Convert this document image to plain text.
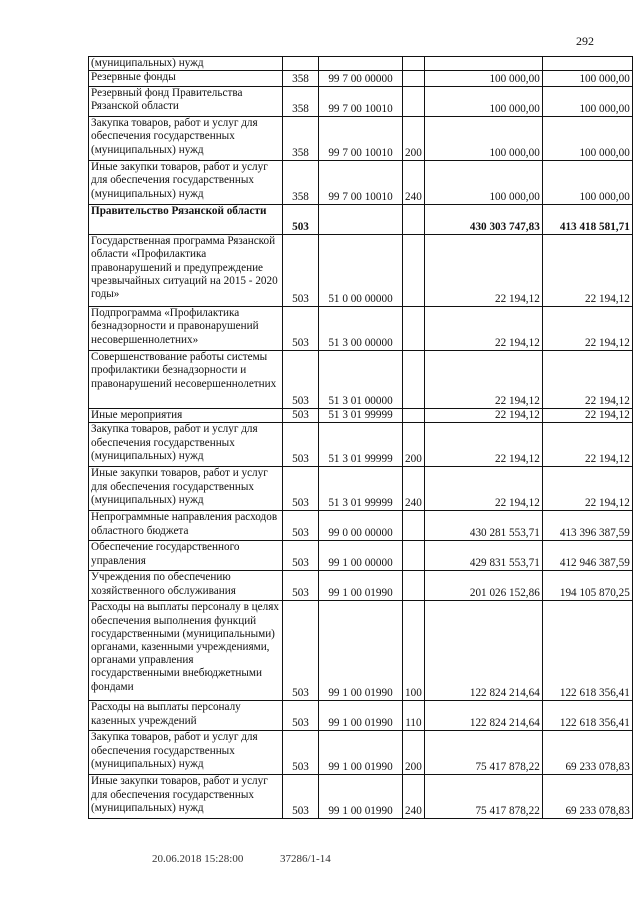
292
(муниципальных) нужд					
Резервные фонды	358	99 7 00 00000		100 000,00	100 000,00
Резервный фонд Правительства Рязанской области	358	99 7 00 10010		100 000,00	100 000,00
Закупка товаров, работ и услуг для обеспечения государственных (муниципальных) нужд	358	99 7 00 10010	200	100 000,00	100 000,00
Иные закупки товаров, работ и услуг для обеспечения государственных (муниципальных) нужд	358	99 7 00 10010	240	100 000,00	100 000,00
Правительство Рязанской области	503			430 303 747,83	413 418 581,71
Государственная программа Рязанской области «Профилактика правонарушений и предупреждение чрезвычайных ситуаций на 2015 - 2020 годы»	503	51 0 00 00000		22 194,12	22 194,12
Подпрограмма «Профилактика безнадзорности и правонарушений несовершеннолетних»	503	51 3 00 00000		22 194,12	22 194,12
Совершенствование работы системы профилактики безнадзорности и правонарушений несовершеннолетних	503	51 3 01 00000		22 194,12	22 194,12
Иные мероприятия	503	51 3 01 99999		22 194,12	22 194,12
Закупка товаров, работ и услуг для обеспечения государственных (муниципальных) нужд	503	51 3 01 99999	200	22 194,12	22 194,12
Иные закупки товаров, работ и услуг для обеспечения государственных (муниципальных) нужд	503	51 3 01 99999	240	22 194,12	22 194,12
Непрограммные направления расходов областного бюджета	503	99 0 00 00000		430 281 553,71	413 396 387,59
Обеспечение государственного управления	503	99 1 00 00000		429 831 553,71	412 946 387,59
Учреждения по обеспечению хозяйственного обслуживания	503	99 1 00 01990		201 026 152,86	194 105 870,25
Расходы на выплаты персоналу в целях обеспечения выполнения функций государственными (муниципальными) органами, казенными учреждениями, органами управления государственными внебюджетными фондами	503	99 1 00 01990	100	122 824 214,64	122 618 356,41
Расходы на выплаты персоналу казенных учреждений	503	99 1 00 01990	110	122 824 214,64	122 618 356,41
Закупка товаров, работ и услуг для обеспечения государственных (муниципальных) нужд	503	99 1 00 01990	200	75 417 878,22	69 233 078,83
Иные закупки товаров, работ и услуг для обеспечения государственных (муниципальных) нужд	503	99 1 00 01990	240	75 417 878,22	69 233 078,83
20.06.2018 15:28:00	37286/1-14
